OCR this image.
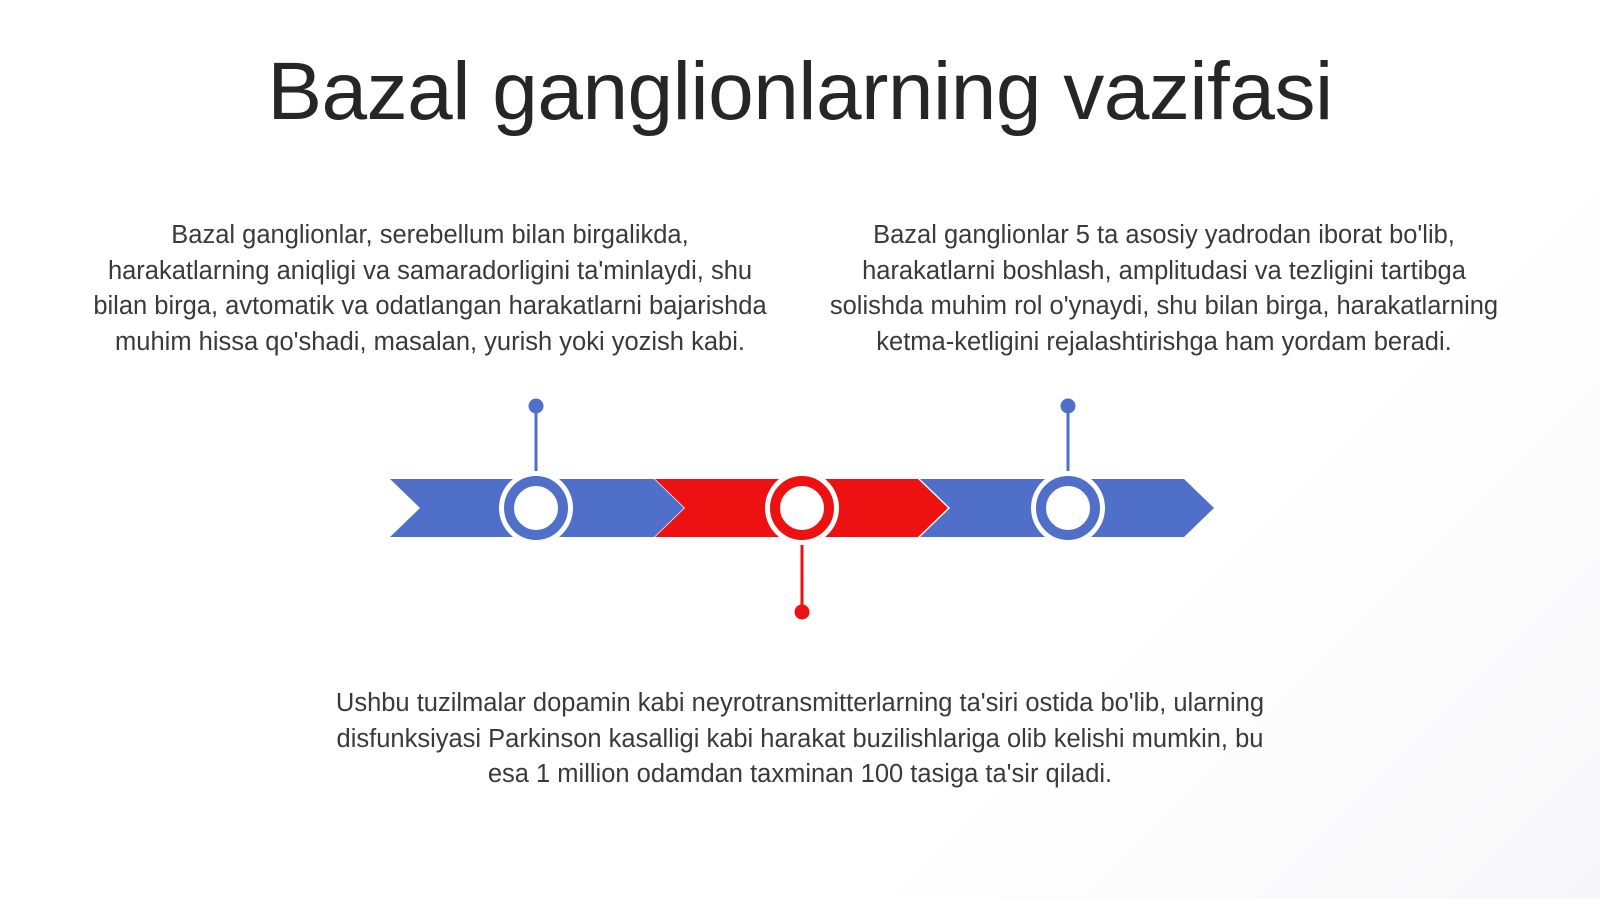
Bazal ganglionlarning vazifasi
Bazal ganglionlar, serebellum bilan birgalikda, harakatlarning aniqligi va samaradorligini ta'minlaydi, shu bilan birga, avtomatik va odatlangan harakatlarni bajarishda muhim hissa qo'shadi, masalan, yurish yoki yozish kabi.
Bazal ganglionlar 5 ta asosiy yadrodan iborat bo'lib, harakatlarni boshlash, amplitudasi va tezligini tartibga solishda muhim rol o'ynaydi, shu bilan birga, harakatlarning ketma-ketligini rejalashtirishga ham yordam beradi.
Ushbu tuzilmalar dopamin kabi neyrotransmitterlarning ta'siri ostida bo'lib, ularning disfunksiyasi Parkinson kasalligi kabi harakat buzilishlariga olib kelishi mumkin, bu esa 1 million odamdan taxminan 100 tasiga ta'sir qiladi.
